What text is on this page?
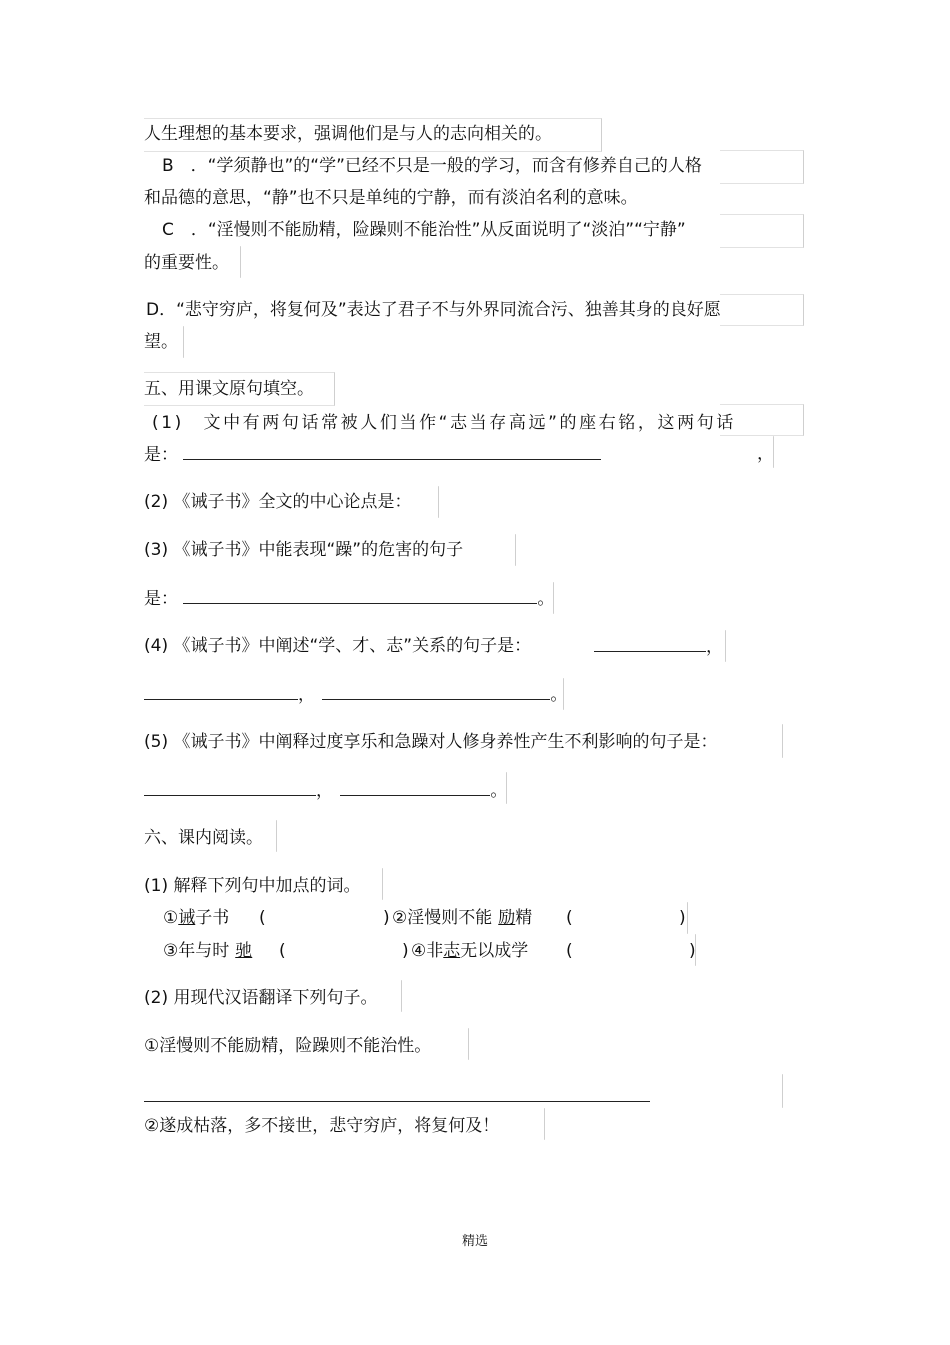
人生理想的基本要求，强调他们是与人的志向相关的。
B　．“学须静也”的“学”已经不只是一般的学习，而含有修养自己的人格
和品德的意思，“静”也不只是单纯的宁静，而有淡泊名利的意味。
C　．“淫慢则不能励精，险躁则不能治性”从反面说明了“淡泊”“宁静”
的重要性。
D．“悲守穷庐，将复何及”表达了君子不与外界同流合污、独善其身的良好愿
望。
五、用课文原句填空。
(1)　文中有两句话常被人们当作“志当存高远”的座右铭，这两句话
是：	，
(2) 《诫子书》全文的中心论点是：
(3) 《诫子书》中能表现“躁”的危害的句子
是：	。
(4) 《诫子书》中阐述“学、才、志”关系的句子是：	，
，	。
(5) 《诫子书》中阐释过度享乐和急躁对人修身养性产生不利影响的句子是：
，	。
六、课内阅读。
(1) 解释下列句中加点的词。
①诫子书 (	) ②淫慢则不能 励精 (	)
③年与时 驰 (	) ④非志无以成学 (	)
(2) 用现代汉语翻译下列句子。
①淫慢则不能励精，险躁则不能治性。
②遂成枯落，多不接世，悲守穷庐，将复何及！
精选
